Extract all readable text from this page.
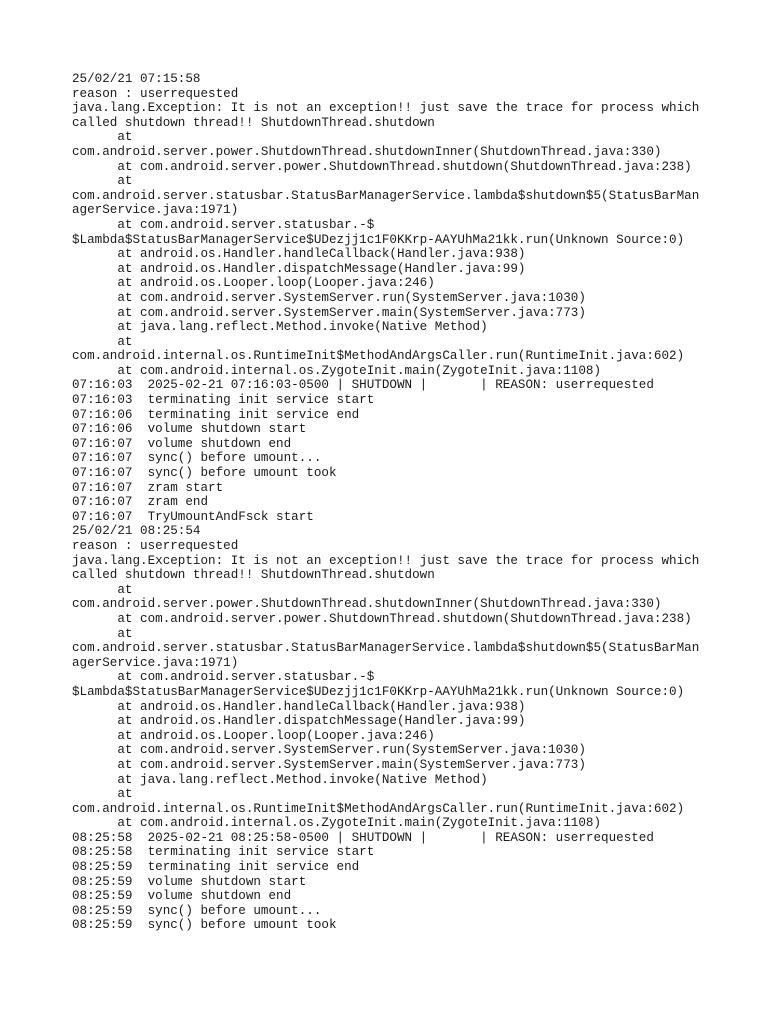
25/02/21 07:15:58
reason : userrequested
java.lang.Exception: It is not an exception!! just save the trace for process which
called shutdown thread!! ShutdownThread.shutdown
at
com.android.server.power.ShutdownThread.shutdownInner(ShutdownThread.java:330)
at com.android.server.power.ShutdownThread.shutdown(ShutdownThread.java:238)
at
com.android.server.statusbar.StatusBarManagerService.lambda$shutdown$5(StatusBarMan
agerService.java:1971)
at com.android.server.statusbar.-$
$Lambda$StatusBarManagerService$UDezjj1c1F0KKrp-AAYUhMa21kk.run(Unknown Source:0)
at android.os.Handler.handleCallback(Handler.java:938)
at android.os.Handler.dispatchMessage(Handler.java:99)
at android.os.Looper.loop(Looper.java:246)
at com.android.server.SystemServer.run(SystemServer.java:1030)
at com.android.server.SystemServer.main(SystemServer.java:773)
at java.lang.reflect.Method.invoke(Native Method)
at
com.android.internal.os.RuntimeInit$MethodAndArgsCaller.run(RuntimeInit.java:602)
at com.android.internal.os.ZygoteInit.main(ZygoteInit.java:1108)
07:16:03  2025-02-21 07:16:03-0500 | SHUTDOWN |       | REASON: userrequested
07:16:03  terminating init service start
07:16:06  terminating init service end
07:16:06  volume shutdown start
07:16:07  volume shutdown end
07:16:07  sync() before umount...
07:16:07  sync() before umount took
07:16:07  zram start
07:16:07  zram end
07:16:07  TryUmountAndFsck start
25/02/21 08:25:54
reason : userrequested
java.lang.Exception: It is not an exception!! just save the trace for process which
called shutdown thread!! ShutdownThread.shutdown
at
com.android.server.power.ShutdownThread.shutdownInner(ShutdownThread.java:330)
at com.android.server.power.ShutdownThread.shutdown(ShutdownThread.java:238)
at
com.android.server.statusbar.StatusBarManagerService.lambda$shutdown$5(StatusBarMan
agerService.java:1971)
at com.android.server.statusbar.-$
$Lambda$StatusBarManagerService$UDezjj1c1F0KKrp-AAYUhMa21kk.run(Unknown Source:0)
at android.os.Handler.handleCallback(Handler.java:938)
at android.os.Handler.dispatchMessage(Handler.java:99)
at android.os.Looper.loop(Looper.java:246)
at com.android.server.SystemServer.run(SystemServer.java:1030)
at com.android.server.SystemServer.main(SystemServer.java:773)
at java.lang.reflect.Method.invoke(Native Method)
at
com.android.internal.os.RuntimeInit$MethodAndArgsCaller.run(RuntimeInit.java:602)
at com.android.internal.os.ZygoteInit.main(ZygoteInit.java:1108)
08:25:58  2025-02-21 08:25:58-0500 | SHUTDOWN |       | REASON: userrequested
08:25:58  terminating init service start
08:25:59  terminating init service end
08:25:59  volume shutdown start
08:25:59  volume shutdown end
08:25:59  sync() before umount...
08:25:59  sync() before umount took
